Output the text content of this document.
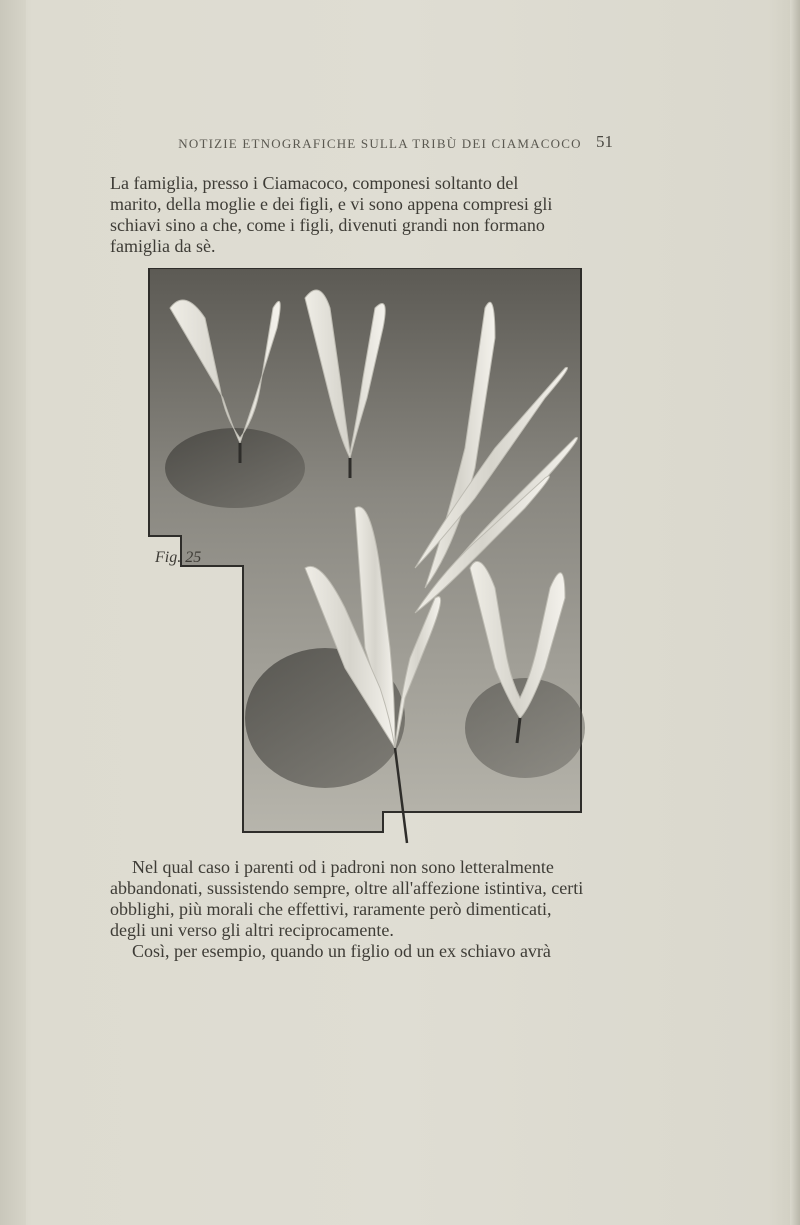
NOTIZIE ETNOGRAFICHE SULLA TRIBÙ DEI CIAMACOCO 51
La famiglia, presso i Ciamacoco, componesi soltanto del
marito, della moglie e dei figli, e vi sono appena compresi gli
schiavi sino a che, come i figli, divenuti grandi non formano
famiglia da sè.
Fig. 25
Nel qual caso i parenti od i padroni non sono letteralmente
abbandonati, sussistendo sempre, oltre all'affezione istintiva, certi
obblighi, più morali che effettivi, raramente però dimenticati,
degli uni verso gli altri reciprocamente.
Così, per esempio, quando un figlio od un ex schiavo avrà
